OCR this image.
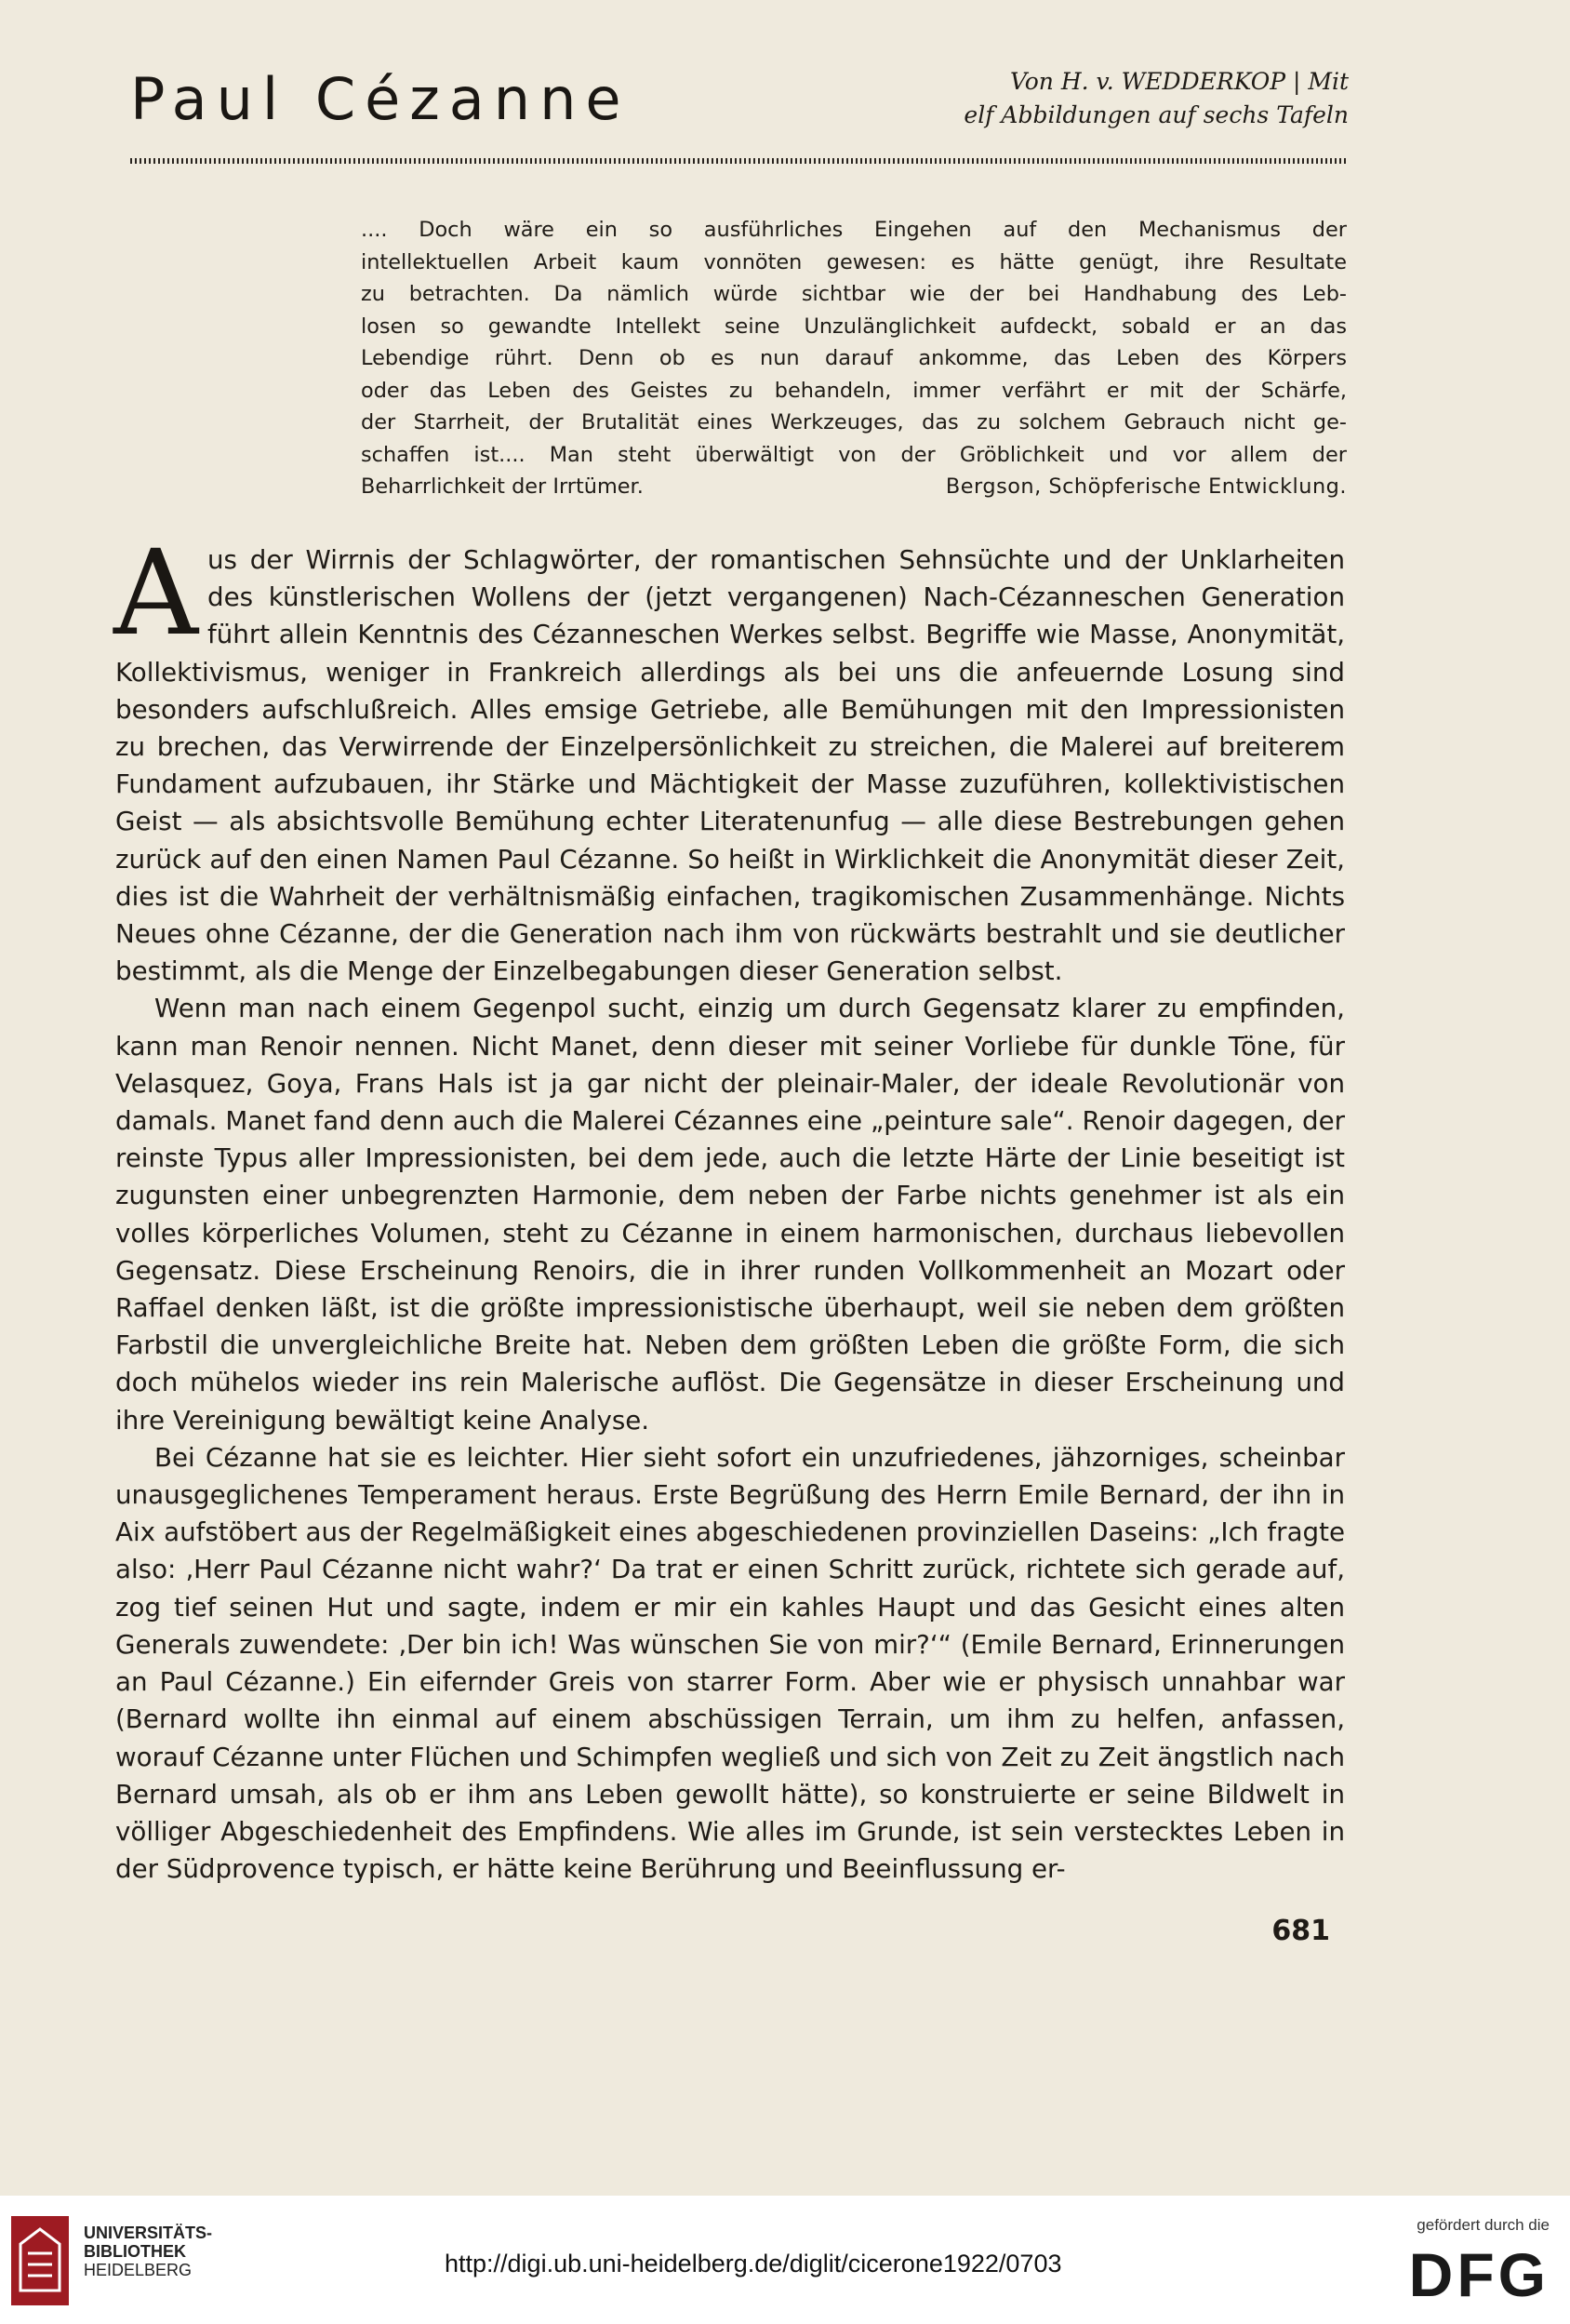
Paul Cézanne	Von H. v. WEDDERKOP | Mit
elf Abbildungen auf sechs Tafeln

.... Doch wäre ein so ausführliches Eingehen auf den Mechanismus der

intellektuellen Arbeit kaum vonnöten gewesen: es hätte genügt, ihre Resultate

zu betrachten. Da nämlich würde sichtbar wie der bei Handhabung des Leb-

losen so gewandte Intellekt seine Unzulänglichkeit aufdeckt, sobald er an das

Lebendige rührt. Denn ob es nun darauf ankomme, das Leben des Körpers

oder das Leben des Geistes zu behandeln, immer verfährt er mit der Schärfe,

der Starrheit, der Brutalität eines Werkzeuges, das zu solchem Gebrauch nicht ge-

schaffen ist.... Man steht überwältigt von der Gröblichkeit und vor allem der

Beharrlichkeit der Irrtümer.	Bergson, Schöpferische Entwicklung.

Aus der Wirrnis der Schlagwörter, der romantischen Sehnsüchte und der Unklarheiten des künstlerischen Wollens der (jetzt vergangenen) Nach-Cézanneschen Generation führt allein Kenntnis des Cézanneschen Werkes selbst. Begriffe wie Masse, Anonymität, Kollektivismus, weniger in Frankreich allerdings als bei uns die anfeuernde Losung sind besonders aufschlußreich. Alles emsige Getriebe, alle Bemühungen mit den Impressionisten zu brechen, das Verwirrende der Einzelpersönlichkeit zu streichen, die Malerei auf breiterem Fundament aufzubauen, ihr Stärke und Mächtigkeit der Masse zuzuführen, kollektivistischen Geist — als absichtsvolle Bemühung echter Literatenunfug — alle diese Bestrebungen gehen zurück auf den einen Namen Paul Cézanne. So heißt in Wirklichkeit die Anonymität dieser Zeit, dies ist die Wahrheit der verhältnismäßig einfachen, tragikomischen Zusammenhänge. Nichts Neues ohne Cézanne, der die Generation nach ihm von rückwärts bestrahlt und sie deutlicher bestimmt, als die Menge der Einzelbegabungen dieser Generation selbst.

Wenn man nach einem Gegenpol sucht, einzig um durch Gegensatz klarer zu empfinden, kann man Renoir nennen. Nicht Manet, denn dieser mit seiner Vorliebe für dunkle Töne, für Velasquez, Goya, Frans Hals ist ja gar nicht der pleinair-Maler, der ideale Revolutionär von damals. Manet fand denn auch die Malerei Cézannes eine „peinture sale“. Renoir dagegen, der reinste Typus aller Impressionisten, bei dem jede, auch die letzte Härte der Linie beseitigt ist zugunsten einer unbegrenzten Harmonie, dem neben der Farbe nichts genehmer ist als ein volles körperliches Volumen, steht zu Cézanne in einem harmonischen, durchaus liebevollen Gegensatz. Diese Erscheinung Renoirs, die in ihrer runden Vollkommenheit an Mozart oder Raffael denken läßt, ist die größte impressionistische überhaupt, weil sie neben dem größten Farbstil die unvergleichliche Breite hat. Neben dem größten Leben die größte Form, die sich doch mühelos wieder ins rein Malerische auflöst. Die Gegensätze in dieser Erscheinung und ihre Vereinigung bewältigt keine Analyse.

Bei Cézanne hat sie es leichter. Hier sieht sofort ein unzufriedenes, jähzorniges, scheinbar unausgeglichenes Temperament heraus. Erste Begrüßung des Herrn Emile Bernard, der ihn in Aix aufstöbert aus der Regelmäßigkeit eines abgeschiedenen provinziellen Daseins: „Ich fragte also: ‚Herr Paul Cézanne nicht wahr?‘ Da trat er einen Schritt zurück, richtete sich gerade auf, zog tief seinen Hut und sagte, indem er mir ein kahles Haupt und das Gesicht eines alten Generals zuwendete: ‚Der bin ich! Was wünschen Sie von mir?‘“ (Emile Bernard, Erinnerungen an Paul Cézanne.) Ein eifernder Greis von starrer Form. Aber wie er physisch unnahbar war (Bernard wollte ihn einmal auf einem abschüssigen Terrain, um ihm zu helfen, anfassen, worauf Cézanne unter Flüchen und Schimpfen wegließ und sich von Zeit zu Zeit ängstlich nach Bernard umsah, als ob er ihm ans Leben gewollt hätte), so konstruierte er seine Bildwelt in völliger Abgeschiedenheit des Empfindens. Wie alles im Grunde, ist sein verstecktes Leben in der Südprovence typisch, er hätte keine Berührung und Beeinflussung er-

681
UNIVERSITÄTS-
BIBLIOTHEK
HEIDELBERG	http://digi.ub.uni-heidelberg.de/diglit/cicerone1922/0703
gefördert durch die
DFG
